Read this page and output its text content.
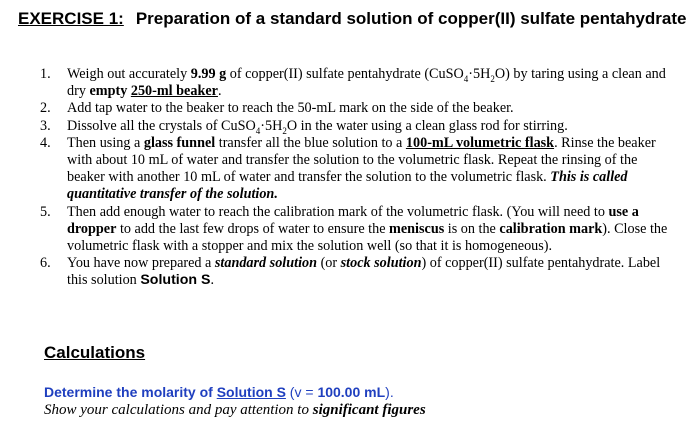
EXERCISE 1: Preparation of a standard solution of copper(II) sulfate pentahydrate
1. Weigh out accurately 9.99 g of copper(II) sulfate pentahydrate $(CuSO_4\cdot 5H_2O)$ by taring using a clean and dry empty 250-ml beaker.
2. Add tap water to the beaker to reach the 50-mL mark on the side of the beaker.
3. Dissolve all the crystals of $CuSO_4\cdot 5H_2O$ in the water using a clean glass rod for stirring.
4. Then using a glass funnel transfer all the blue solution to a 100-mL volumetric flask. Rinse the beaker with about 10 mL of water and transfer the solution to the volumetric flask. Repeat the rinsing of the beaker with another 10 mL of water and transfer the solution to the volumetric flask. This is called quantitative transfer of the solution.
5. Then add enough water to reach the calibration mark of the volumetric flask. (You will need to use a dropper to add the last few drops of water to ensure the meniscus is on the calibration mark). Close the volumetric flask with a stopper and mix the solution well (so that it is homogeneous).
6. You have now prepared a standard solution (or stock solution) of copper(II) sulfate pentahydrate. Label this solution Solution S.
Calculations
Determine the molarity of Solution S (v = 100.00 mL).
Show your calculations and pay attention to significant figures
